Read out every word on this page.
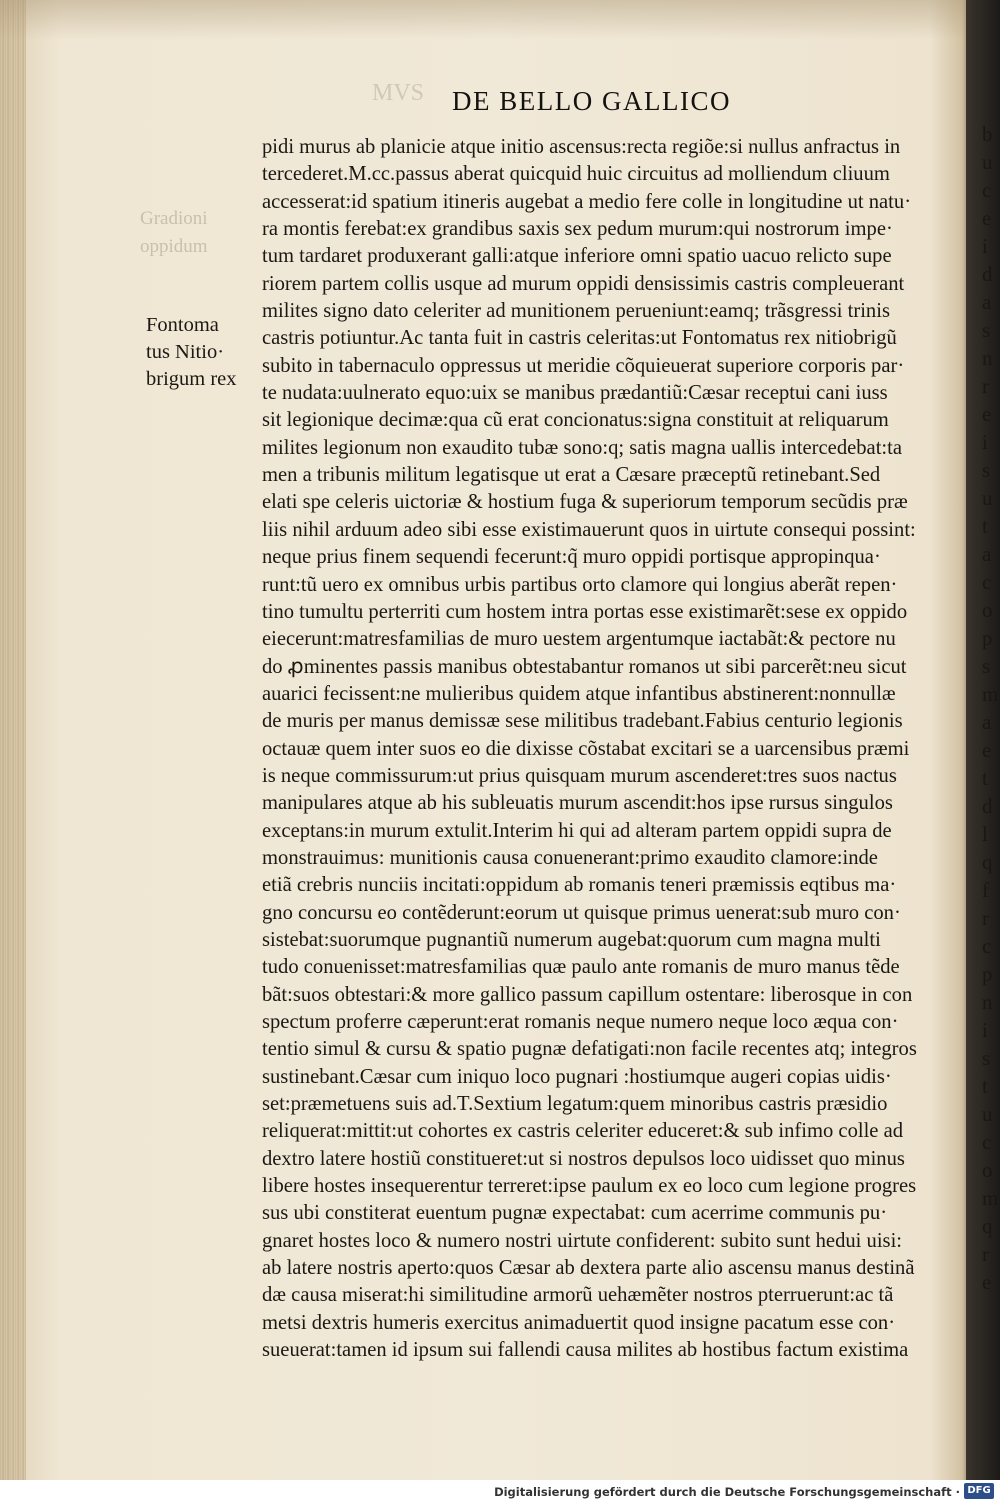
b
u
c
e
i
d
a
s
n
r
e
i
s
u
t
a
c
o
p
s
m
a
e
t
d
l
q
f
r
c
p
n
i
s
t
u
c
o
m
q
r
e
MVS
Gradioni
oppidum
DE BELLO GALLICO
Fontoma
tus Nitio·
brigum rex
pidi murus ab planicie atque initio ascensus:recta regiõe:si nullus anfractus in
tercederet.M.cc.passus aberat quicquid huic circuitus ad molliendum cliuum
accesserat:id spatium itineris augebat a medio fere colle in longitudine ut natu·
ra montis ferebat:ex grandibus saxis sex pedum murum:qui nostrorum impe·
tum tardaret produxerant galli:atque inferiore omni spatio uacuo relicto supe
riorem partem collis usque ad murum oppidi densissimis castris compleuerant
milites signo dato celeriter ad munitionem perueniunt:eamq; trãsgressi trinis
castris potiuntur.Ac tanta fuit in castris celeritas:ut Fontomatus rex nitiobrigũ
subito in tabernaculo oppressus ut meridie cõquieuerat superiore corporis par·
te nudata:uulnerato equo:uix se manibus prædantiũ:Cæsar receptui cani iuss
sit legionique decimæ:qua cũ erat concionatus:signa constituit at reliquarum
milites legionum non exaudito tubæ sono:q; satis magna uallis intercedebat:ta
men a tribunis militum legatisque ut erat a Cæsare præceptũ retinebant.Sed
elati spe celeris uictoriæ & hostium fuga & superiorum temporum secũdis præ
liis nihil arduum adeo sibi esse existimauerunt quos in uirtute consequi possint:
neque prius finem sequendi fecerunt:q̃ muro oppidi portisque appropinqua·
runt:tũ uero ex omnibus urbis partibus orto clamore qui longius aberãt repen·
tino tumultu perterriti cum hostem intra portas esse existimarẽt:sese ex oppido
eiecerunt:matresfamilias de muro uestem argentumque iactabãt:& pectore nu
do ꝓminentes passis manibus obtestabantur romanos ut sibi parcerẽt:neu sicut
auarici fecissent:ne mulieribus quidem atque infantibus abstinerent:nonnullæ
de muris per manus demissæ sese militibus tradebant.Fabius centurio legionis
octauæ quem inter suos eo die dixisse cõstabat excitari se a uarcensibus præmi
is neque commissurum:ut prius quisquam murum ascenderet:tres suos nactus
manipulares atque ab his subleuatis murum ascendit:hos ipse rursus singulos
exceptans:in murum extulit.Interim hi qui ad alteram partem oppidi supra de
monstrauimus: munitionis causa conuenerant:primo exaudito clamore:inde
etiã crebris nunciis incitati:oppidum ab romanis teneri præmissis eqtibus ma·
gno concursu eo contẽderunt:eorum ut quisque primus uenerat:sub muro con·
sistebat:suorumque pugnantiũ numerum augebat:quorum cum magna multi
tudo conuenisset:matresfamilias quæ paulo ante romanis de muro manus tẽde
bãt:suos obtestari:& more gallico passum capillum ostentare: liberosque in con
spectum proferre cæperunt:erat romanis neque numero neque loco æqua con·
tentio simul & cursu & spatio pugnæ defatigati:non facile recentes atq; integros
sustinebant.Cæsar cum iniquo loco pugnari :hostiumque augeri copias uidis·
set:præmetuens suis ad.T.Sextium legatum:quem minoribus castris præsidio
reliquerat:mittit:ut cohortes ex castris celeriter educeret:& sub infimo colle ad
dextro latere hostiũ constitueret:ut si nostros depulsos loco uidisset quo minus
libere hostes insequerentur terreret:ipse paulum ex eo loco cum legione progres
sus ubi constiterat euentum pugnæ expectabat: cum acerrime communis pu·
gnaret hostes loco & numero nostri uirtute confiderent: subito sunt hedui uisi:
ab latere nostris aperto:quos Cæsar ab dextera parte alio ascensu manus destinã
dæ causa miserat:hi similitudine armorũ uehæmẽter nostros pterruerunt:ac tã
metsi dextris humeris exercitus animaduertit quod insigne pacatum esse con·
sueuerat:tamen id ipsum sui fallendi causa milites ab hostibus factum existima
Digitalisierung gefördert durch die Deutsche Forschungsgemeinschaft · DFG
